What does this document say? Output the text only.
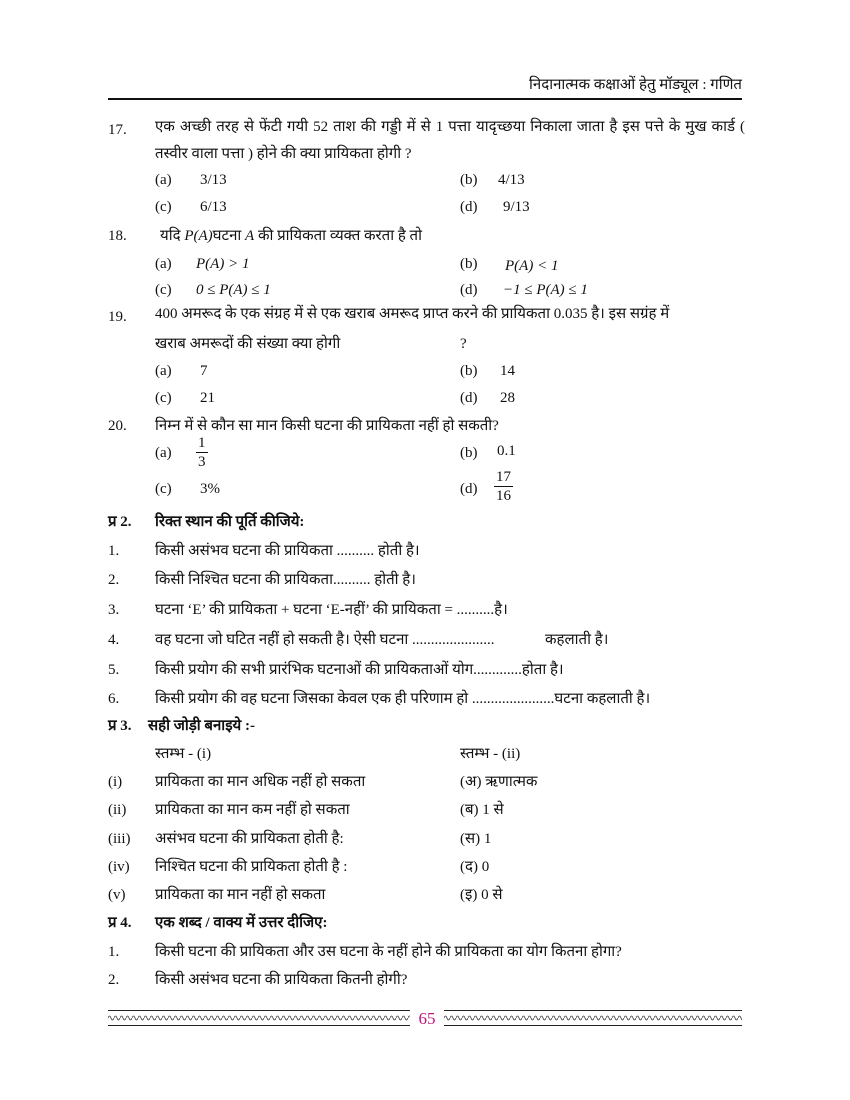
निदानात्मक कक्षाओं हेतु मॉड्यूल : गणित
17. एक अच्छी तरह से फेंटी गयी 52 ताश की गड्डी में से 1 पत्ता यादृच्छया निकाला जाता है इस पत्ते के मुख कार्ड ( तस्वीर वाला पत्ता ) होने की क्या प्रायिकता होगी ?
(a) 3/13	(b) 4/13
(c) 6/13	(d) 9/13
18. यदि P(A)घटना A की प्रायिकता व्यक्त करता है तो
(a) P(A) > 1	(b) P(A) < 1
(c) 0 ≤ P(A) ≤ 1	(d) −1 ≤ P(A) ≤ 1
19. 400 अमरूद के एक संग्रह में से एक खराब अमरूद प्राप्त करने की प्रायिकता 0.035 है। इस सग्रंह में
खराब अमरूदों की संख्या क्या होगी	?
(a) 7	(b) 14
(c) 21	(d) 28
20. निम्न में से कौन सा मान किसी घटना की प्रायिकता नहीं हो सकती?
$(a) \frac{1}{3}$	(b) 0.1
(c) 3%	$(d) \frac{17}{16}$
प्र 2. रिक्त स्थान की पूर्ति कीजिये:
1. किसी असंभव घटना की प्रायिकता .......... होती है।
2. किसी निश्चित घटना की प्रायिकता.......... होती है।
3. घटना ‘E’ की प्रायिकता + घटना ‘E-नहीं’ की प्रायिकता = ..........है।
4. वह घटना जो घटित नहीं हो सकती है। ऐसी घटना ......................	कहलाती है।
5. किसी प्रयोग की सभी प्रारंभिक घटनाओं की प्रायिकताओं योग.............होता है।
6. किसी प्रयोग की वह घटना जिसका केवल एक ही परिणाम हो ......................घटना कहलाती है।
प्र 3. सही जोड़ी बनाइये :-
स्तम्भ - (i)	स्तम्भ - (ii)
(i) प्रायिकता का मान अधिक नहीं हो सकता	(अ) ऋणात्मक
(ii) प्रायिकता का मान कम नहीं हो सकता	(ब) 1 से
(iii) असंभव घटना की प्रायिकता होती है:	(स) 1
(iv) निश्चित घटना की प्रायिकता होती है :	(द) 0
(v) प्रायिकता का मान नहीं हो सकता	(इ) 0 से
प्र 4. एक शब्द / वाक्य में उत्तर दीजिए:
1. किसी घटना की प्रायिकता और उस घटना के नहीं होने की प्रायिकता का योग कितना होगा?
2. किसी असंभव घटना की प्रायिकता कितनी होगी?
65
